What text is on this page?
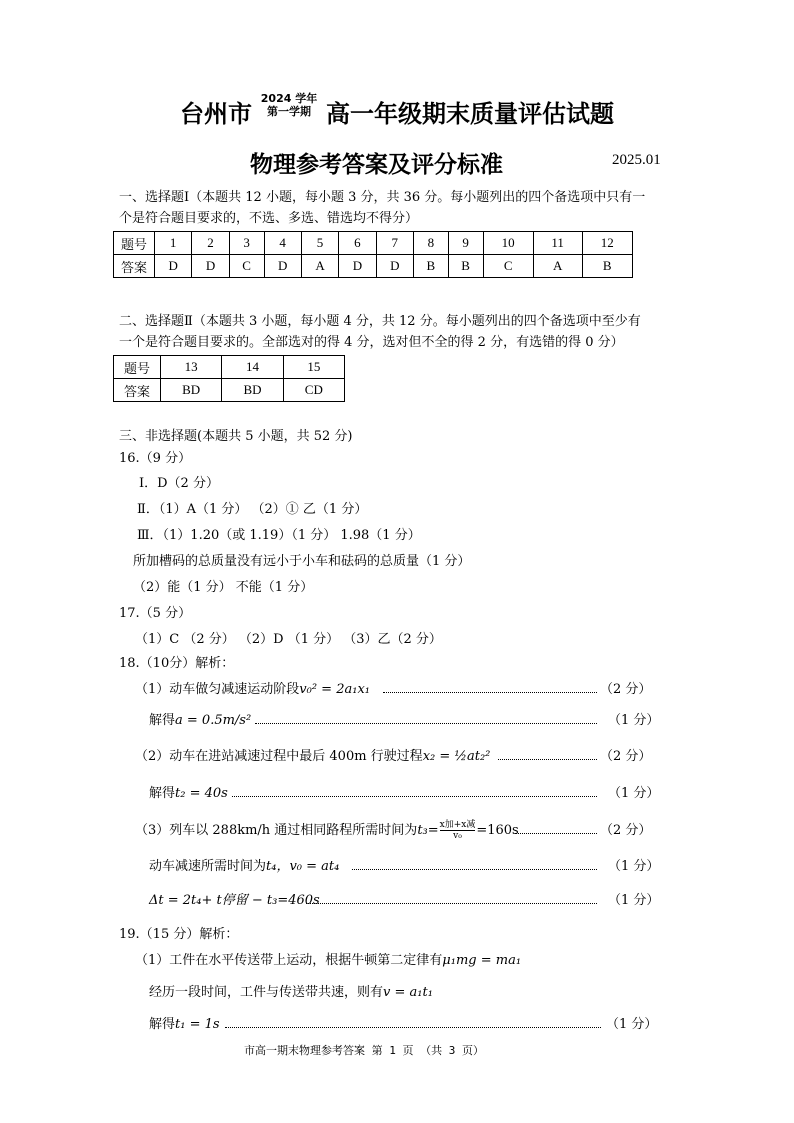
台州市
2024 学年
第一学期 高一年级期末质量评估试题
物理参考答案及评分标准	2025.01
一、选择题Ⅰ（本题共 12 小题，每小题 3 分，共 36 分。每小题列出的四个备选项中只有一
个是符合题目要求的，不选、多选、错选均不得分）
题号	1	2	3	4	5	6	7	8	9	10	11	12
答案	D	D	C	D	A	D	D	B	B	C	A	B
二、选择题Ⅱ（本题共 3 小题，每小题 4 分，共 12 分。每小题列出的四个备选项中至少有
一个是符合题目要求的。全部选对的得 4 分，选对但不全的得 2 分，有选错的得 0 分）
题号	13	14	15
答案	BD	BD	CD
三、非选择题(本题共 5 小题，共 52 分)
16.（9 分）
Ⅰ．D（2 分）
Ⅱ．（1）A（1 分） （2）① 乙（1 分）
Ⅲ．（1）1.20（或 1.19）（1 分） 1.98（1 分）
所加槽码的总质量没有远小于小车和砝码的总质量（1 分）
（2）能（1 分） 不能（1 分）
17.（5 分）
（1）C （2 分） （2）D （1 分） （3）乙（2 分）
18.（10分）解析：
（1）动车做匀减速运动阶段v₀² = 2a₁x₁	（2 分）
解得a = 0.5m/s²	（1 分）
（2）动车在进站减速过程中最后 400m 行驶过程x₂ = ½at₂²	（2 分）
解得t₂ = 40s	（1 分）
（3）列车以 288km/h 通过相同路程所需时间为t₃= x加+x减
v₀	=160s	（2 分）
动车减速所需时间为t₄，v₀ = at₄	（1 分）
Δt = 2t₄+ t停留 − t₃=460s	（1 分）
19.（15 分）解析：
（1）工件在水平传送带上运动，根据牛顿第二定律有μ₁mg = ma₁
经历一段时间，工件与传送带共速，则有v = a₁t₁
解得t₁ = 1s	（1 分）
市高一期末物理参考答案 第 1 页 （共 3 页）
